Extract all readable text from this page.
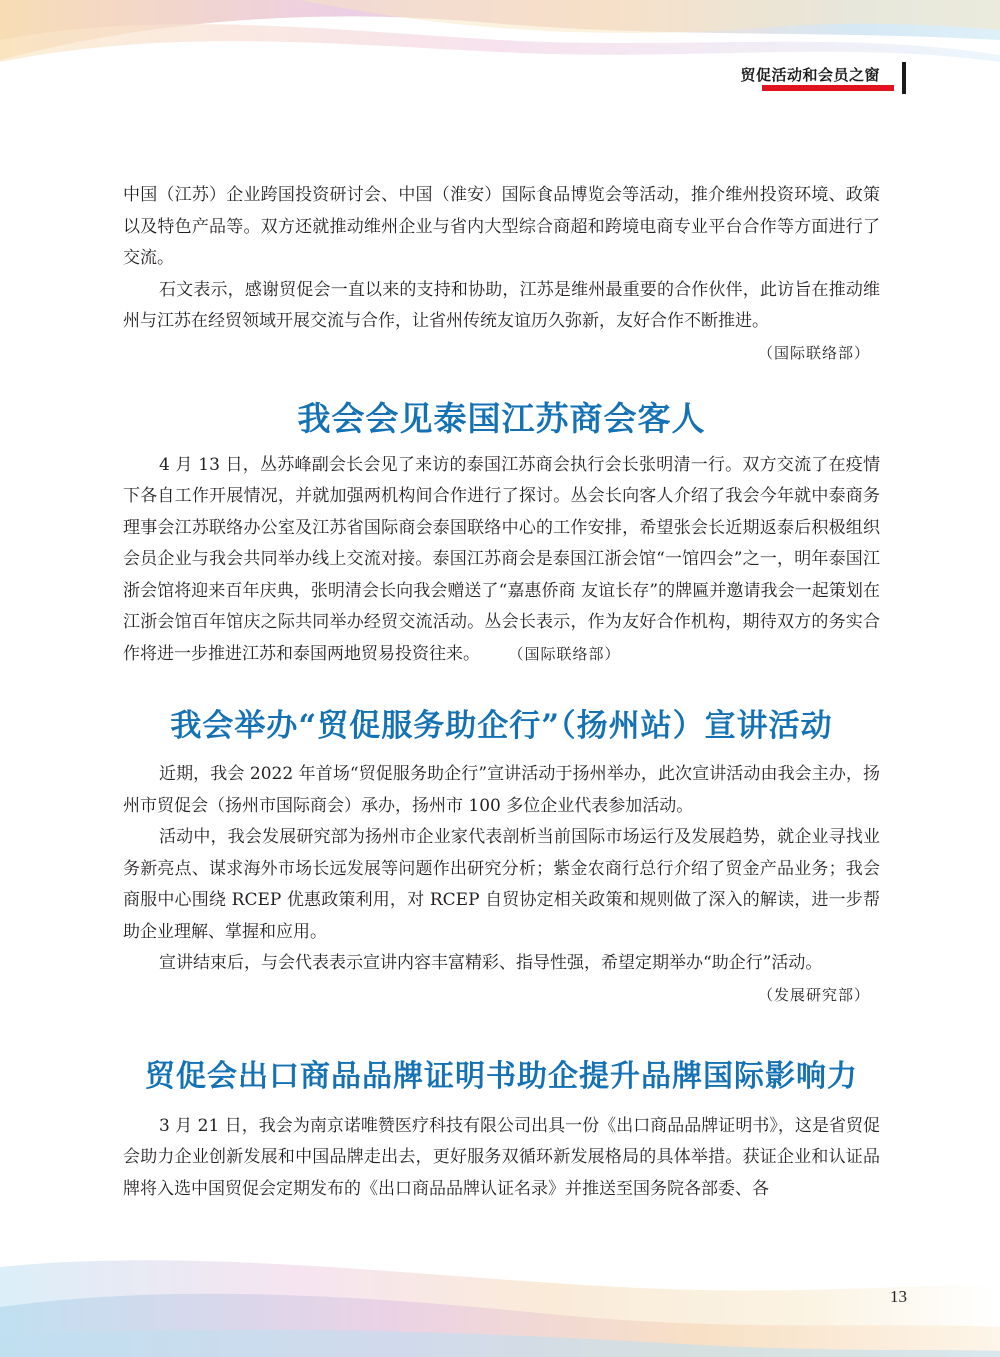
贸促活动和会员之窗

中国（江苏）企业跨国投资研讨会、中国（淮安）国际食品博览会等活动，推介维州投资环境、政策以及特色产品等。双方还就推动维州企业与省内大型综合商超和跨境电商专业平台合作等方面进行了交流。

石文表示，感谢贸促会一直以来的支持和协助，江苏是维州最重要的合作伙伴，此访旨在推动维州与江苏在经贸领域开展交流与合作，让省州传统友谊历久弥新，友好合作不断推进。

（国际联络部）
我会会见泰国江苏商会客人

4 月 13 日，丛苏峰副会长会见了来访的泰国江苏商会执行会长张明清一行。双方交流了在疫情下各自工作开展情况，并就加强两机构间合作进行了探讨。丛会长向客人介绍了我会今年就中泰商务理事会江苏联络办公室及江苏省国际商会泰国联络中心的工作安排，希望张会长近期返泰后积极组织会员企业与我会共同举办线上交流对接。泰国江苏商会是泰国江浙会馆“一馆四会”之一，明年泰国江浙会馆将迎来百年庆典，张明清会长向我会赠送了“嘉惠侨商 友谊长存”的牌匾并邀请我会一起策划在江浙会馆百年馆庆之际共同举办经贸交流活动。丛会长表示，作为友好合作机构，期待双方的务实合作将进一步推进江苏和泰国两地贸易投资往来。 （国际联络部）

我会举办“贸促服务助企行”（扬州站）宣讲活动

近期，我会 2022 年首场“贸促服务助企行”宣讲活动于扬州举办，此次宣讲活动由我会主办，扬州市贸促会（扬州市国际商会）承办，扬州市 100 多位企业代表参加活动。

活动中，我会发展研究部为扬州市企业家代表剖析当前国际市场运行及发展趋势，就企业寻找业务新亮点、谋求海外市场长远发展等问题作出研究分析；紫金农商行总行介绍了贸金产品业务；我会商服中心围绕 RCEP 优惠政策利用，对 RCEP 自贸协定相关政策和规则做了深入的解读，进一步帮助企业理解、掌握和应用。

宣讲结束后，与会代表表示宣讲内容丰富精彩、指导性强，希望定期举办“助企行”活动。

（发展研究部）
贸促会出口商品品牌证明书助企提升品牌国际影响力

3 月 21 日，我会为南京诺唯赞医疗科技有限公司出具一份《出口商品品牌证明书》，这是省贸促会助力企业创新发展和中国品牌走出去，更好服务双循环新发展格局的具体举措。获证企业和认证品牌将入选中国贸促会定期发布的《出口商品品牌认证名录》并推送至国务院各部委、各

13
